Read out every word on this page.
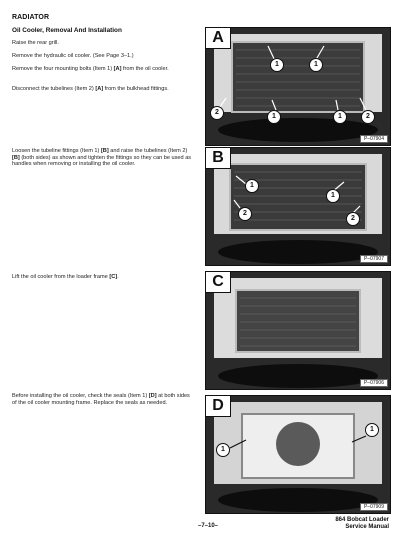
RADIATOR
Oil Cooler, Removal And Installation
Raise the rear grill.
Remove the hydraulic oil cooler. (See Page 3–1.)
Remove the four mounting bolts (Item 1) [A] from the oil cooler.
Disconnect the tubelines (Item 2) [A] from the bulkhead fittings.
Loosen the tubeline fittings (Item 1) [B] and raise the tubelines (Item 2) [B] (both sides) as shown and tighten the fittings so they can be used as handles when removing or installing the oil cooler.
Lift the oil cooler from the loader frame [C].
Before installing the oil cooler, check the seals (Item 1) [D] at both sides of the oil cooler mounting frame. Replace the seals as needed.
A
1	1
2
1	1	2
P–07904
B
1
1
2
2
P–07907
C
P–07906
D
1
1
P–07909
–7–10–
864 Bobcat Loader
Service Manual
